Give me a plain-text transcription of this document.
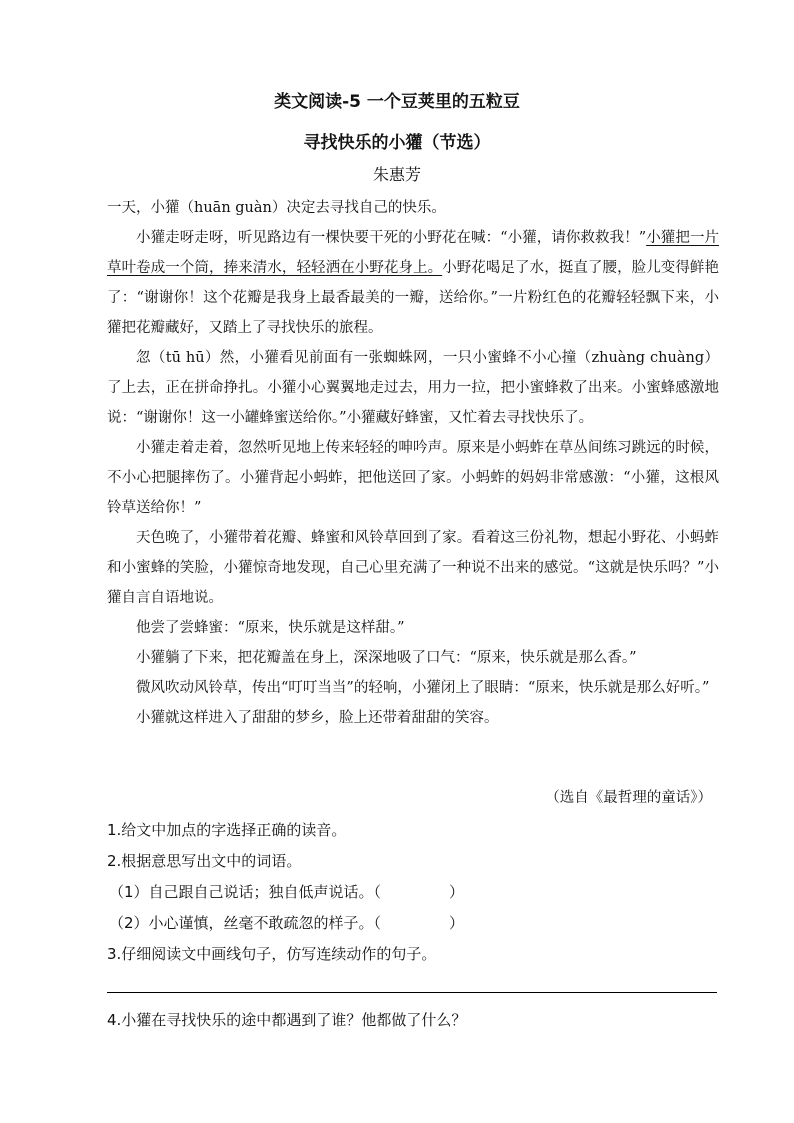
类文阅读-5 一个豆荚里的五粒豆
寻找快乐的小獾（节选）
朱惠芳

一天，小獾（huān guàn）决定去寻找自己的快乐。

小獾走呀走呀，听见路边有一棵快要干死的小野花在喊：“小獾，请你救救我！”小獾把一片草叶卷成一个筒，捧来清水，轻轻洒在小野花身上。小野花喝足了水，挺直了腰，脸儿变得鲜艳了：“谢谢你！这个花瓣是我身上最香最美的一瓣，送给你。”一片粉红色的花瓣轻轻飘下来，小獾把花瓣藏好，又踏上了寻找快乐的旅程。

忽（tū hū）然，小獾看见前面有一张蜘蛛网，一只小蜜蜂不小心撞（zhuàng chuàng）了上去，正在拼命挣扎。小獾小心翼翼地走过去，用力一拉，把小蜜蜂救了出来。小蜜蜂感激地说：“谢谢你！这一小罐蜂蜜送给你。”小獾藏好蜂蜜，又忙着去寻找快乐了。

小獾走着走着，忽然听见地上传来轻轻的呻吟声。原来是小蚂蚱在草丛间练习跳远的时候，不小心把腿摔伤了。小獾背起小蚂蚱，把他送回了家。小蚂蚱的妈妈非常感激：“小獾，这根风铃草送给你！”

天色晚了，小獾带着花瓣、蜂蜜和风铃草回到了家。看着这三份礼物，想起小野花、小蚂蚱和小蜜蜂的笑脸，小獾惊奇地发现，自己心里充满了一种说不出来的感觉。“这就是快乐吗？”小獾自言自语地说。

他尝了尝蜂蜜：“原来，快乐就是这样甜。”

小獾躺了下来，把花瓣盖在身上，深深地吸了口气：“原来，快乐就是那么香。”

微风吹动风铃草，传出“叮叮当当”的轻响，小獾闭上了眼睛：“原来，快乐就是那么好听。”

小獾就这样进入了甜甜的梦乡，脸上还带着甜甜的笑容。

（选自《最哲理的童话》）

1.给文中加点的字选择正确的读音。

2.根据意思写出文中的词语。

（1）自己跟自己说话；独自低声说话。（	）

（2）小心谨慎，丝毫不敢疏忽的样子。（	）

3.仔细阅读文中画线句子，仿写连续动作的句子。

4.小獾在寻找快乐的途中都遇到了谁？他都做了什么？
